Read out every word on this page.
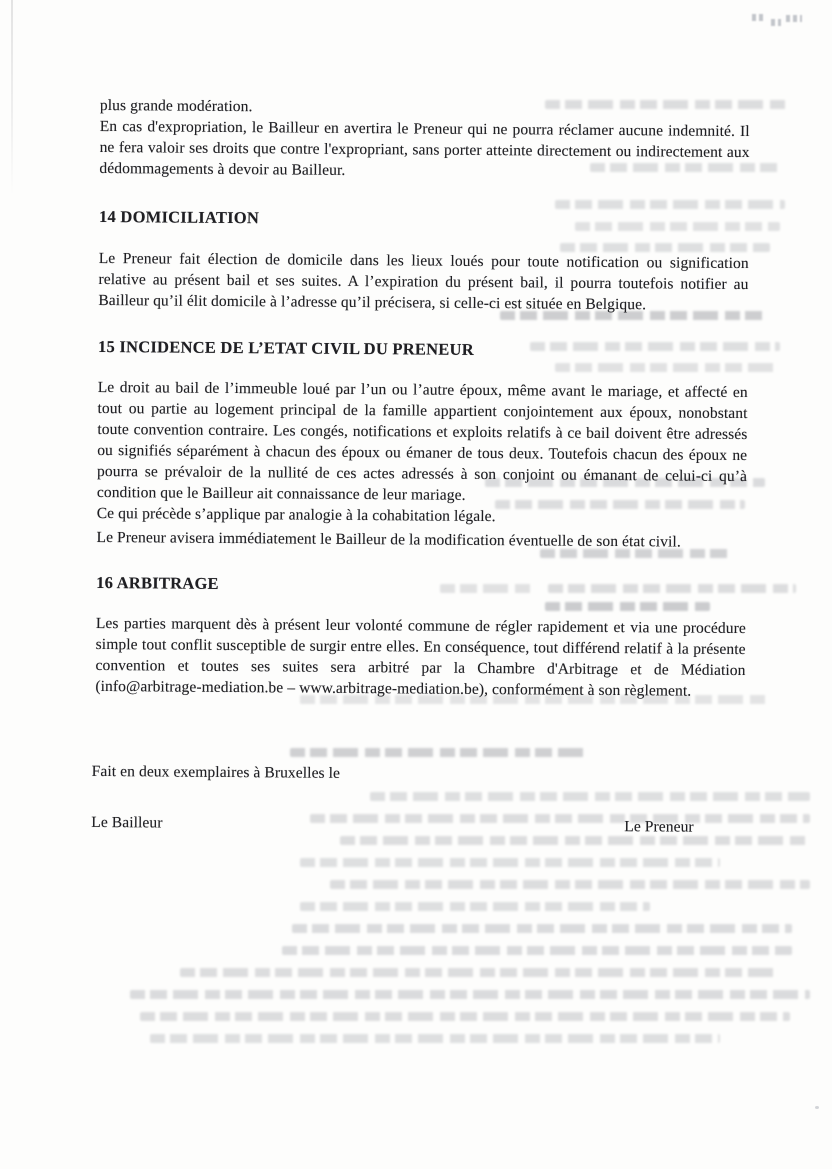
plus grande modération.
En cas d'expropriation, le Bailleur en avertira le Preneur qui ne pourra réclamer aucune indemnité. Il ne fera valoir ses droits que contre l'expropriant, sans porter atteinte directement ou indirectement aux dédommagements à devoir au Bailleur.
14 DOMICILIATION
Le Preneur fait élection de domicile dans les lieux loués pour toute notification ou signification relative au présent bail et ses suites. A l’expiration du présent bail, il pourra toutefois notifier au Bailleur qu’il élit domicile à l’adresse qu’il précisera, si celle-ci est située en Belgique.
15 INCIDENCE DE L’ETAT CIVIL DU PRENEUR
Le droit au bail de l’immeuble loué par l’un ou l’autre époux, même avant le mariage, et affecté en tout ou partie au logement principal de la famille appartient conjointement aux époux, nonobstant toute convention contraire. Les congés, notifications et exploits relatifs à ce bail doivent être adressés ou signifiés séparément à chacun des époux ou émaner de tous deux. Toutefois chacun des époux ne pourra se prévaloir de la nullité de ces actes adressés à son conjoint ou émanant de celui-ci qu’à condition que le Bailleur ait connaissance de leur mariage.
Ce qui précède s’applique par analogie à la cohabitation légale.
Le Preneur avisera immédiatement le Bailleur de la modification éventuelle de son état civil.
16 ARBITRAGE
Les parties marquent dès à présent leur volonté commune de régler rapidement et via une procédure simple tout conflit susceptible de surgir entre elles. En conséquence, tout différend relatif à la présente convention et toutes ses suites sera arbitré par la Chambre d'Arbitrage et de Médiation (info@arbitrage-mediation.be – www.arbitrage-mediation.be), conformément à son règlement.
Fait en deux exemplaires à Bruxelles le
Le Bailleur	Le Preneur
